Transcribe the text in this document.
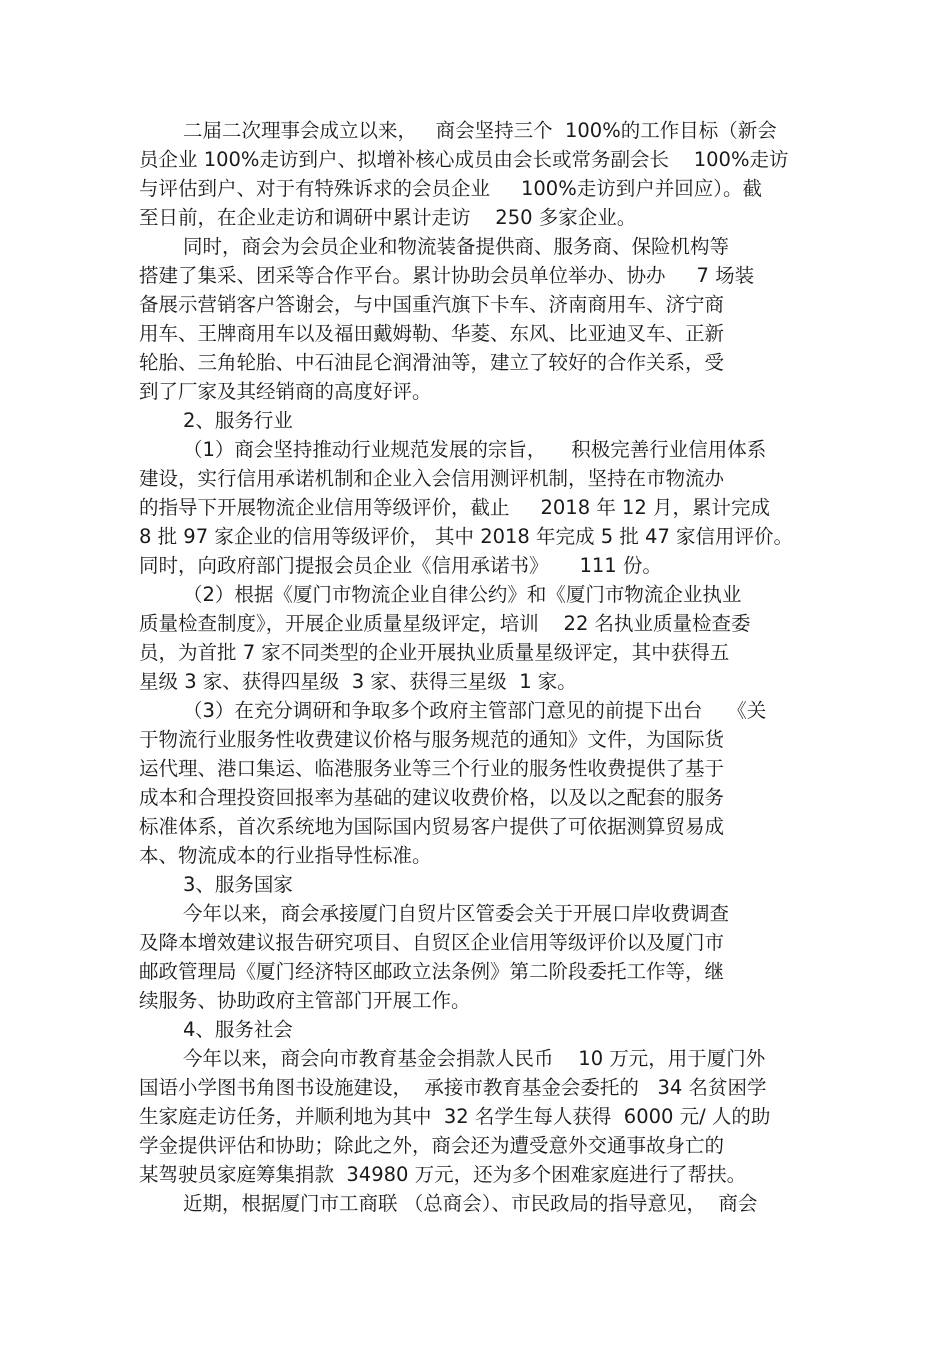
二届二次理事会成立以来，   商会坚持三个  100%的工作目标（新会
员企业 100%走访到户、拟增补核心成员由会长或常务副会长    100%走访
与评估到户、对于有特殊诉求的会员企业     100%走访到户并回应）。截
至日前，在企业走访和调研中累计走访    250 多家企业。
同时，商会为会员企业和物流装备提供商、服务商、保险机构等
搭建了集采、团采等合作平台。累计协助会员单位举办、协办     7 场装
备展示营销客户答谢会，与中国重汽旗下卡车、济南商用车、济宁商
用车、王牌商用车以及福田戴姆勒、华菱、东风、比亚迪叉车、正新
轮胎、三角轮胎、中石油昆仑润滑油等，建立了较好的合作关系，受
到了厂家及其经销商的高度好评。
2、服务行业
（1）商会坚持推动行业规范发展的宗旨，    积极完善行业信用体系
建设，实行信用承诺机制和企业入会信用测评机制，坚持在市物流办
的指导下开展物流企业信用等级评价，截止     2018 年 12 月，累计完成
8 批 97 家企业的信用等级评价， 其中 2018 年完成 5 批 47 家信用评价。
同时，向政府部门提报会员企业《信用承诺书》     111 份。
（2）根据《厦门市物流企业自律公约》和《厦门市物流企业执业
质量检查制度》，开展企业质量星级评定，培训    22 名执业质量检查委
员，为首批 7 家不同类型的企业开展执业质量星级评定，其中获得五
星级 3 家、获得四星级  3 家、获得三星级  1 家。
（3）在充分调研和争取多个政府主管部门意见的前提下出台    《关
于物流行业服务性收费建议价格与服务规范的通知》文件，为国际货
运代理、港口集运、临港服务业等三个行业的服务性收费提供了基于
成本和合理投资回报率为基础的建议收费价格，以及以之配套的服务
标准体系，首次系统地为国际国内贸易客户提供了可依据测算贸易成
本、物流成本的行业指导性标准。
3、服务国家
今年以来，商会承接厦门自贸片区管委会关于开展口岸收费调查
及降本增效建议报告研究项目、自贸区企业信用等级评价以及厦门市
邮政管理局《厦门经济特区邮政立法条例》第二阶段委托工作等，继
续服务、协助政府主管部门开展工作。
4、服务社会
今年以来，商会向市教育基金会捐款人民币    10 万元，用于厦门外
国语小学图书角图书设施建设，  承接市教育基金会委托的   34 名贫困学
生家庭走访任务，并顺利地为其中  32 名学生每人获得  6000 元/ 人的助
学金提供评估和协助；除此之外，商会还为遭受意外交通事故身亡的
某驾驶员家庭筹集捐款  34980 万元，还为多个困难家庭进行了帮扶。
近期，根据厦门市工商联 （总商会）、市民政局的指导意见，  商会
